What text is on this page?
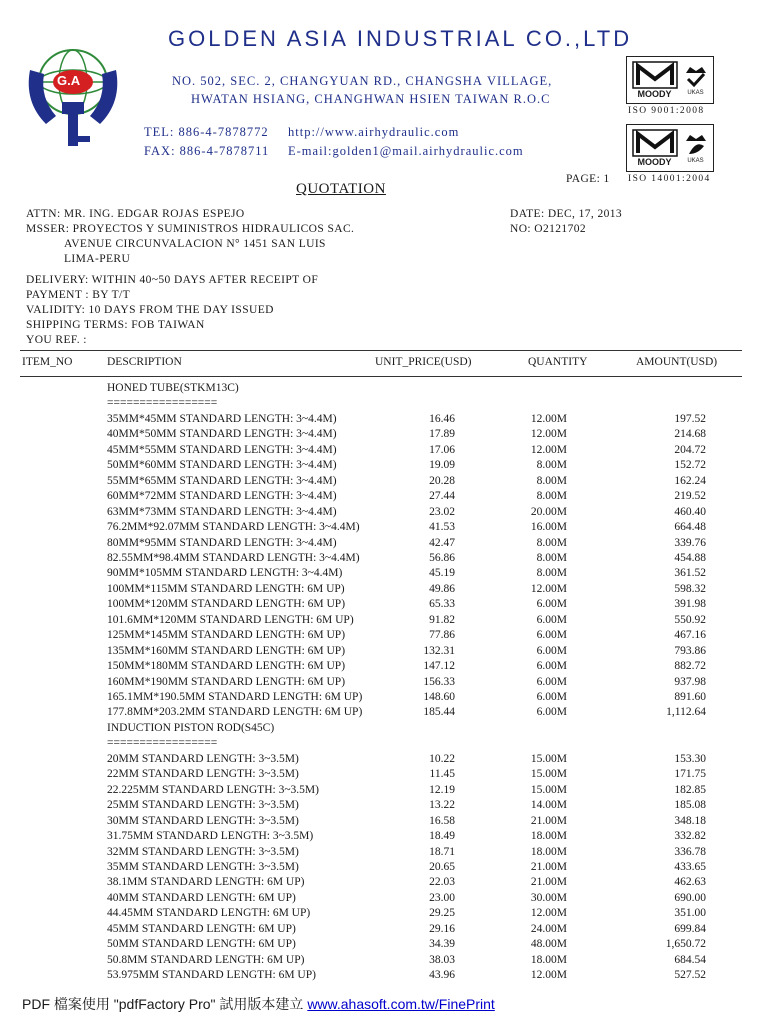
GOLDEN ASIA INDUSTRIAL CO.,LTD
G.A	NO. 502, SEC. 2, CHANGYUAN RD., CHANGSHA VILLAGE,
HWATAN HSIANG, CHANGHWAN HSIEN TAIWAN R.O.C
TEL: 886-4-7878772
FAX: 886-4-7878711
http://www.airhydraulic.com
E-mail:golden1@mail.airhydraulic.com
MOODY	UKAS
ISO 9001:2008
MOODY	UKAS
ISO 14001:2004
PAGE: 1
QUOTATION
ATTN: MR. ING. EDGAR ROJAS ESPEJO
MSSER: PROYECTOS Y SUMINISTROS HIDRAULICOS SAC.
AVENUE CIRCUNVALACION N° 1451 SAN LUIS
LIMA-PERU
DATE: DEC, 17, 2013
NO: O2121702
DELIVERY: WITHIN 40~50 DAYS AFTER RECEIPT OF
PAYMENT : BY T/T
VALIDITY: 10 DAYS FROM THE DAY ISSUED
SHIPPING TERMS: FOB TAIWAN
YOU REF. :
ITEM_NO	DESCRIPTION	UNIT_PRICE(USD)	QUANTITY	AMOUNT(USD)
HONED TUBE(STKM13C)
=================
35MM*45MM STANDARD LENGTH: 3~4.4M)	16.46	12.00M	197.52
40MM*50MM STANDARD LENGTH: 3~4.4M)	17.89	12.00M	214.68
45MM*55MM STANDARD LENGTH: 3~4.4M)	17.06	12.00M	204.72
50MM*60MM STANDARD LENGTH: 3~4.4M)	19.09	8.00M	152.72
55MM*65MM STANDARD LENGTH: 3~4.4M)	20.28	8.00M	162.24
60MM*72MM STANDARD LENGTH: 3~4.4M)	27.44	8.00M	219.52
63MM*73MM STANDARD LENGTH: 3~4.4M)	23.02	20.00M	460.40
76.2MM*92.07MM STANDARD LENGTH: 3~4.4M)	41.53	16.00M	664.48
80MM*95MM STANDARD LENGTH: 3~4.4M)	42.47	8.00M	339.76
82.55MM*98.4MM STANDARD LENGTH: 3~4.4M)	56.86	8.00M	454.88
90MM*105MM STANDARD LENGTH: 3~4.4M)	45.19	8.00M	361.52
100MM*115MM STANDARD LENGTH: 6M UP)	49.86	12.00M	598.32
100MM*120MM STANDARD LENGTH: 6M UP)	65.33	6.00M	391.98
101.6MM*120MM STANDARD LENGTH: 6M UP)	91.82	6.00M	550.92
125MM*145MM STANDARD LENGTH: 6M UP)	77.86	6.00M	467.16
135MM*160MM STANDARD LENGTH: 6M UP)	132.31	6.00M	793.86
150MM*180MM STANDARD LENGTH: 6M UP)	147.12	6.00M	882.72
160MM*190MM STANDARD LENGTH: 6M UP)	156.33	6.00M	937.98
165.1MM*190.5MM STANDARD LENGTH: 6M UP)	148.60	6.00M	891.60
177.8MM*203.2MM STANDARD LENGTH: 6M UP)	185.44	6.00M	1,112.64
INDUCTION PISTON ROD(S45C)
=================
20MM STANDARD LENGTH: 3~3.5M)	10.22	15.00M	153.30
22MM STANDARD LENGTH: 3~3.5M)	11.45	15.00M	171.75
22.225MM STANDARD LENGTH: 3~3.5M)	12.19	15.00M	182.85
25MM STANDARD LENGTH: 3~3.5M)	13.22	14.00M	185.08
30MM STANDARD LENGTH: 3~3.5M)	16.58	21.00M	348.18
31.75MM STANDARD LENGTH: 3~3.5M)	18.49	18.00M	332.82
32MM STANDARD LENGTH: 3~3.5M)	18.71	18.00M	336.78
35MM STANDARD LENGTH: 3~3.5M)	20.65	21.00M	433.65
38.1MM STANDARD LENGTH: 6M UP)	22.03	21.00M	462.63
40MM STANDARD LENGTH: 6M UP)	23.00	30.00M	690.00
44.45MM STANDARD LENGTH: 6M UP)	29.25	12.00M	351.00
45MM STANDARD LENGTH: 6M UP)	29.16	24.00M	699.84
50MM STANDARD LENGTH: 6M UP)	34.39	48.00M	1,650.72
50.8MM STANDARD LENGTH: 6M UP)	38.03	18.00M	684.54
53.975MM STANDARD LENGTH: 6M UP)	43.96	12.00M	527.52
PDF 檔案使用 "pdfFactory Pro" 試用版本建立 www.ahasoft.com.tw/FinePrint
